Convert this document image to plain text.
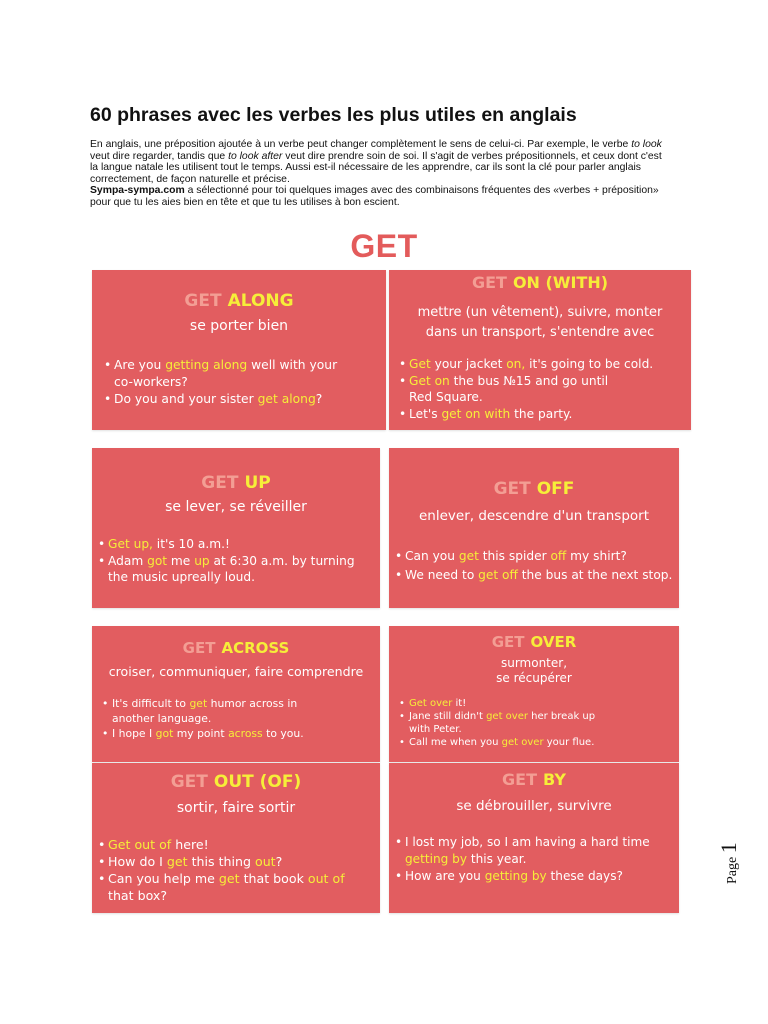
60 phrases avec les verbes les plus utiles en anglais

En anglais, une préposition ajoutée à un verbe peut changer complètement le sens de celui-ci. Par exemple, le verbe to look veut dire regarder, tandis que to look after veut dire prendre soin de soi. Il s'agit de verbes prépositionnels, et ceux dont c'est la langue natale les utilisent tout le temps. Aussi est-il nécessaire de les apprendre, car ils sont la clé pour parler anglais correctement, de façon naturelle et précise.
Sympa-sympa.com a sélectionné pour toi quelques images avec des combinaisons fréquentes des «verbes + préposition» pour que tu les aies bien en tête et que tu les utilises à bon escient.

GET
GET ALONG
se porter bien
• Are you getting along well with your
co-workers?
• Do you and your sister get along?
GET ON (WITH)
mettre (un vêtement), suivre, monter
dans un transport, s'entendre avec
• Get your jacket on, it's going to be cold.
• Get on the bus №15 and go until
Red Square.
• Let's get on with the party.
GET UP
se lever, se réveiller
• Get up, it's 10 a.m.!
• Adam got me up at 6:30 a.m. by turning
the music upreally loud.
GET OFF
enlever, descendre d'un transport
• Can you get this spider off my shirt?
• We need to get off the bus at the next stop.
GET ACROSS
croiser, communiquer, faire comprendre
• It's difficult to get humor across in
another language.
• I hope I got my point across to you.
GET OVER
surmonter,
se récupérer
• Get over it!
• Jane still didn't get over her break up
with Peter.
• Call me when you get over your flue.
GET OUT (OF)
sortir, faire sortir
• Get out of here!
• How do I get this thing out?
• Can you help me get that book out of
that box?
GET BY
se débrouiller, survivre
• I lost my job, so I am having a hard time
getting by this year.
• How are you getting by these days?	Page 1
